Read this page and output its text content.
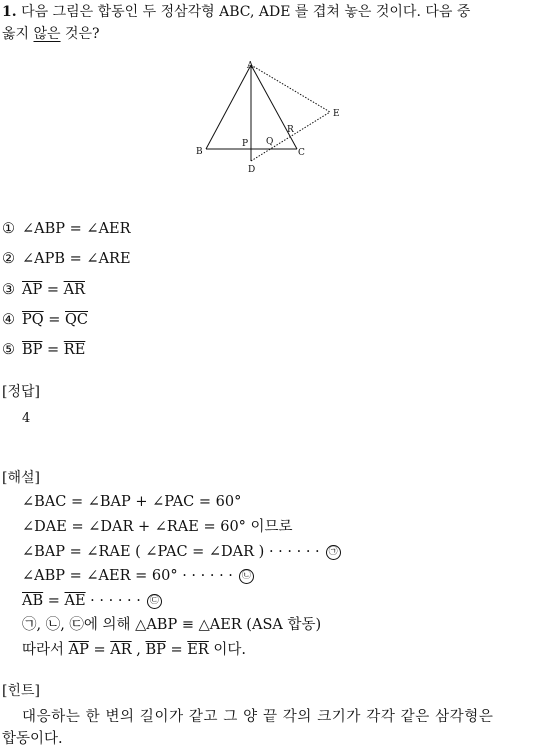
1. 다음 그림은 합동인 두 정삼각형 ABC, ADE 를 겹쳐 놓은 것이다. 다음 중
옳지 않은 것은?
A
B	C
D
E
P Q
R
① ∠ABP = ∠AER
② ∠APB = ∠ARE
③ $\overline{AP} = \overline{AR}$
④ $\overline{PQ} = \overline{QC}$
⑤ $\overline{BP} = \overline{RE}$
[정답]
4
[해설]
∠BAC = ∠BAP + ∠PAC = 60°
∠DAE = ∠DAR + ∠RAE = 60° 이므로
∠BAP = ∠RAE ( ∠PAC = ∠DAR ) · · · · · · ㉠
∠ABP = ∠AER = 60° · · · · · · ㉡
$\overline{AB} = \overline{AE}$ · · · · · · ㉢
㉠, ㉡, ㉢에 의해 △ABP ≡ △AER (ASA 합동)
따라서 $\overline{AP} = \overline{AR}$ , $\overline{BP} = \overline{ER}$ 이다.
[힌트]
대응하는 한 변의 길이가 같고 그 양 끝 각의 크기가 각각 같은 삼각형은
합동이다.
